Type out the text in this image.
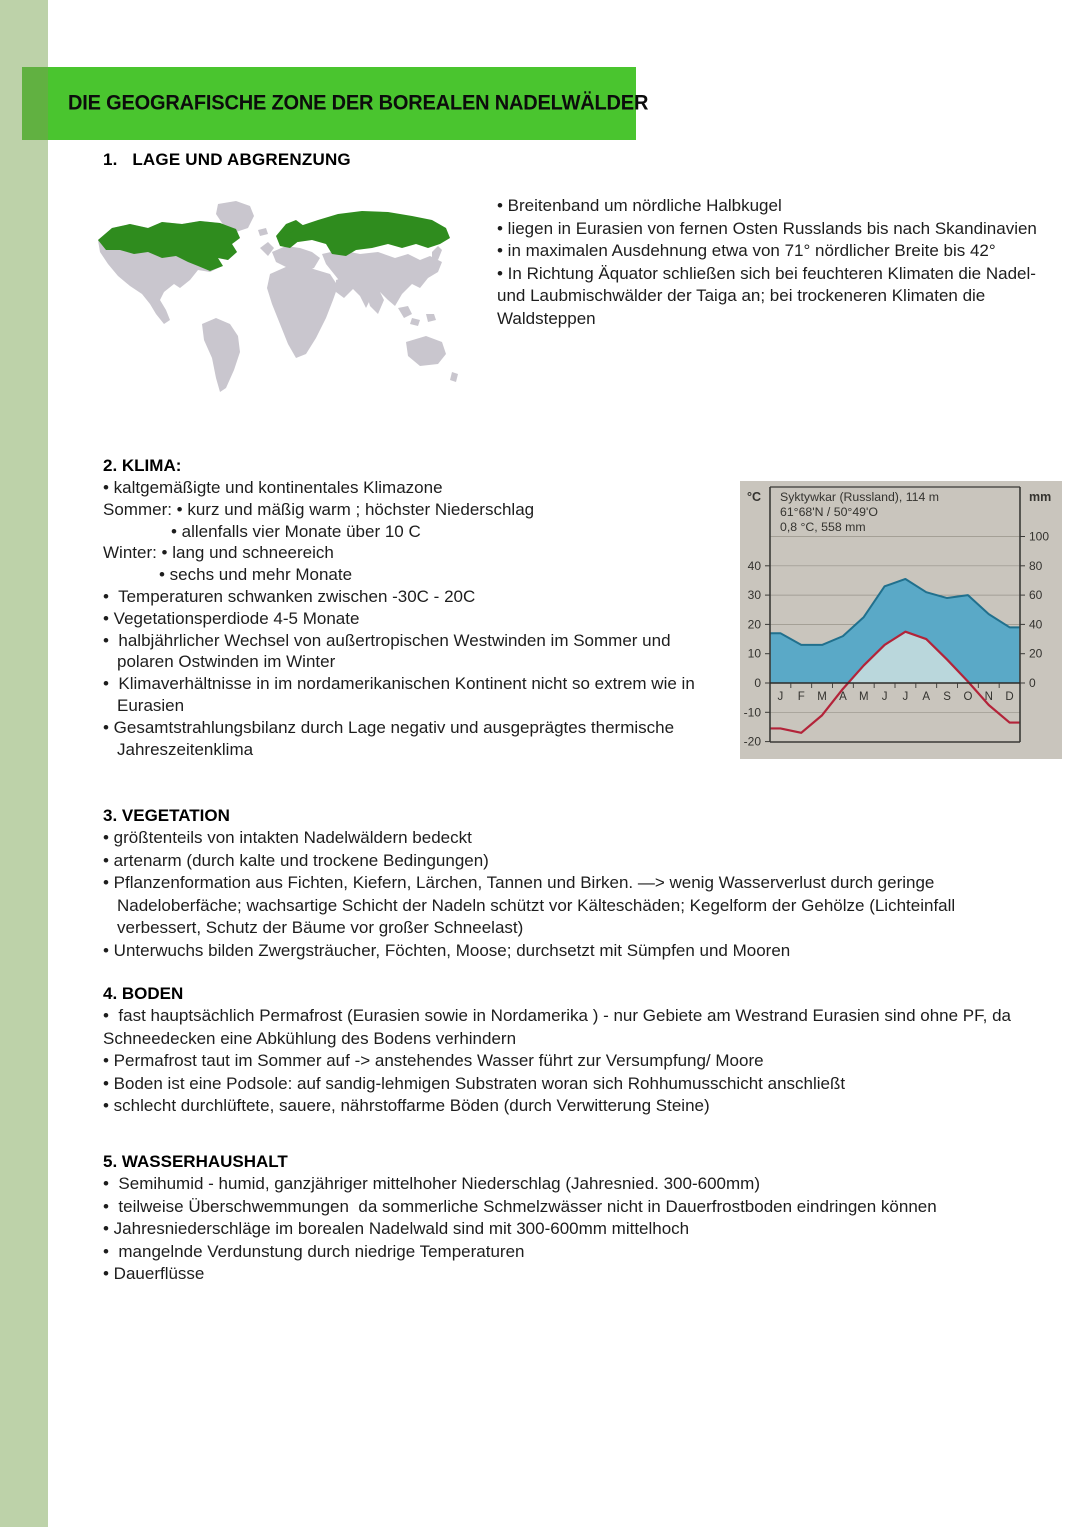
DIE GEOGRAFISCHE ZONE DER BOREALEN NADELWÄLDER
1.   LAGE UND ABGRENZUNG
• Breitenband um nördliche Halbkugel
• liegen in Eurasien von fernen Osten Russlands bis nach Skandinavien
• in maximalen Ausdehnung etwa von 71° nördlicher Breite bis 42°
• In Richtung Äquator schließen sich bei feuchteren Klimaten die Nadel- und Laubmischwälder der Taiga an; bei trockeneren Klimaten die Waldsteppen
2. KLIMA:
• kaltgemäßigte und kontinentales Klimazone
Sommer: • kurz und mäßig warm ; höchster Niederschlag
• allenfalls vier Monate über 10 C
Winter: • lang und schneereich
• sechs und mehr Monate
•  Temperaturen schwanken zwischen -30C - 20C
• Vegetationsperdiode 4-5 Monate
•  halbjährlicher Wechsel von außertropischen Westwinden im Sommer und polaren Ostwinden im Winter
•  Klimaverhältnisse in im nordamerikanischen Kontinent nicht so extrem wie in Eurasien
• Gesamtstrahlungsbilanz durch Lage negativ und ausgeprägtes thermische Jahreszeitenklima
J F M A M J J A S O N D
40
30
20
10
0
-10
-20
100
80
60
40
20
0
°C	mm
Syktywkar (Russland), 114 m
61°68'N / 50°49'O
0,8 °C, 558 mm
3. VEGETATION
• größtenteils von intakten Nadelwäldern bedeckt
• artenarm (durch kalte und trockene Bedingungen)
• Pflanzenformation aus Fichten, Kiefern, Lärchen, Tannen und Birken. —> wenig Wasserverlust durch geringe Nadeloberfäche; wachsartige Schicht der Nadeln schützt vor Kälteschäden; Kegelform der Gehölze (Lichteinfall verbessert, Schutz der Bäume vor großer Schneelast)
• Unterwuchs bilden Zwergsträucher, Föchten, Moose; durchsetzt mit Sümpfen und Mooren
4. BODEN
•  fast hauptsächlich Permafrost (Eurasien sowie in Nordamerika ) - nur Gebiete am Westrand Eurasien sind ohne PF, da Schneedecken eine Abkühlung des Bodens verhindern
• Permafrost taut im Sommer auf -> anstehendes Wasser führt zur Versumpfung/ Moore
• Boden ist eine Podsole: auf sandig-lehmigen Substraten woran sich Rohhumusschicht anschließt
• schlecht durchlüftete, sauere, nährstoffarme Böden (durch Verwitterung Steine)
5. WASSERHAUSHALT
•  Semihumid - humid, ganzjähriger mittelhoher Niederschlag (Jahresnied. 300-600mm)
•  teilweise Überschwemmungen  da sommerliche Schmelzwässer nicht in Dauerfrostboden eindringen können
• Jahresniederschläge im borealen Nadelwald sind mit 300-600mm mittelhoch
•  mangelnde Verdunstung durch niedrige Temperaturen
• Dauerflüsse
